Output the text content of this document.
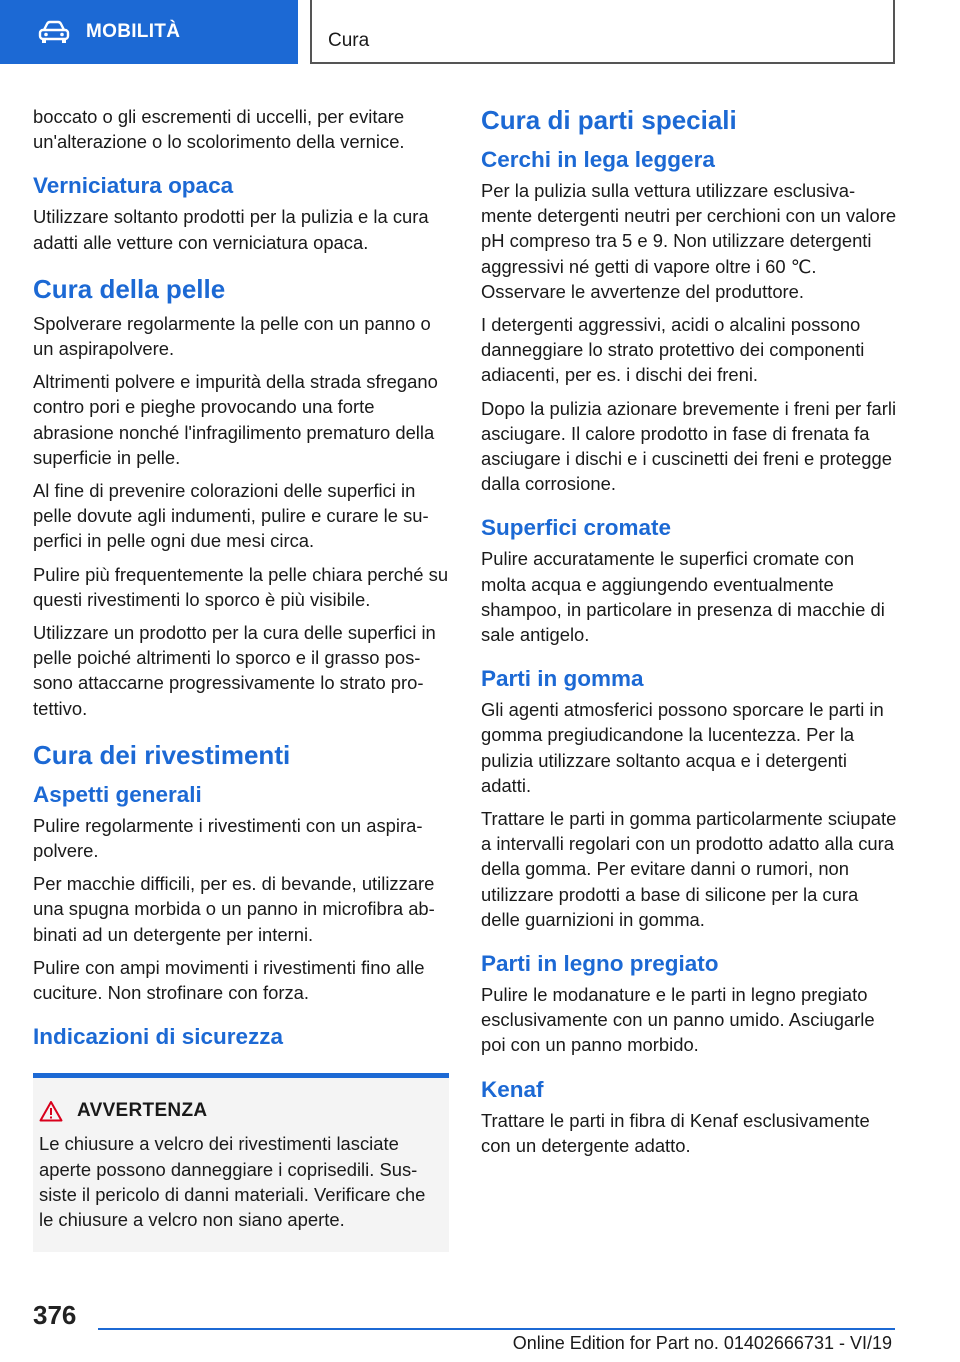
MOBILITÀ	Cura

boccato o gli escrementi di uccelli, per evitare un'alterazione o lo scolorimento della vernice.

Verniciatura opaca

Utilizzare soltanto prodotti per la pulizia e la cura adatti alle vetture con verniciatura opaca.

Cura della pelle

Spolverare regolarmente la pelle con un panno o un aspirapolvere.

Altrimenti polvere e impurità della strada sfregano contro pori e pieghe provocando una forte abrasione nonché l'infragilimento prematuro della superficie in pelle.

Al fine di prevenire colorazioni delle superfici in pelle dovute agli indumenti, pulire e curare le superfici in pelle ogni due mesi circa.

Pulire più frequentemente la pelle chiara perché su questi rivestimenti lo sporco è più visibile.

Utilizzare un prodotto per la cura delle superfici in pelle poiché altrimenti lo sporco e il grasso possono attaccarne progressivamente lo strato protettivo.

Cura dei rivestimenti
Aspetti generali

Pulire regolarmente i rivestimenti con un aspirapolvere.

Per macchie difficili, per es. di bevande, utilizzare una spugna morbida o un panno in microfibra abbinati ad un detergente per interni.

Pulire con ampi movimenti i rivestimenti fino alle cuciture. Non strofinare con forza.

Indicazioni di sicurezza
AVVERTENZA
Le chiusure a velcro dei rivestimenti lasciate aperte possono danneggiare i coprisedili. Sussiste il pericolo di danni materiali. Verificare che le chiusure a velcro non siano aperte.
Cura di parti speciali
Cerchi in lega leggera

Per la pulizia sulla vettura utilizzare esclusivamente detergenti neutri per cerchioni con un valore pH compreso tra 5 e 9. Non utilizzare detergenti aggressivi né getti di vapore oltre i 60 ℃. Osservare le avvertenze del produttore.

I detergenti aggressivi, acidi o alcalini possono danneggiare lo strato protettivo dei componenti adiacenti, per es. i dischi dei freni.

Dopo la pulizia azionare brevemente i freni per farli asciugare. Il calore prodotto in fase di frenata fa asciugare i dischi e i cuscinetti dei freni e protegge dalla corrosione.

Superfici cromate

Pulire accuratamente le superfici cromate con molta acqua e aggiungendo eventualmente shampoo, in particolare in presenza di macchie di sale antigelo.

Parti in gomma

Gli agenti atmosferici possono sporcare le parti in gomma pregiudicandone la lucentezza. Per la pulizia utilizzare soltanto acqua e i detergenti adatti.

Trattare le parti in gomma particolarmente sciupate a intervalli regolari con un prodotto adatto alla cura della gomma. Per evitare danni o rumori, non utilizzare prodotti a base di silicone per la cura delle guarnizioni in gomma.

Parti in legno pregiato

Pulire le modanature e le parti in legno pregiato esclusivamente con un panno umido. Asciugarle poi con un panno morbido.

Kenaf

Trattare le parti in fibra di Kenaf esclusivamente con un detergente adatto.

376
Online Edition for Part no. 01402666731 - VI/19
